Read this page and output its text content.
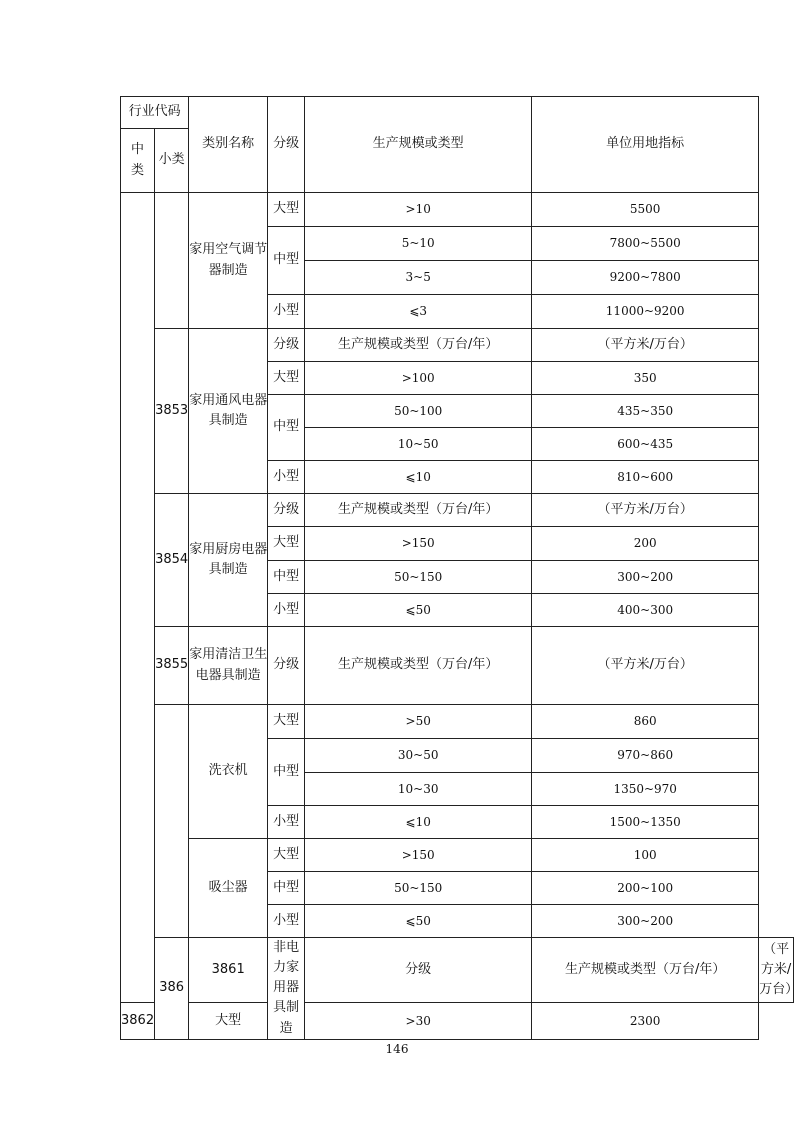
行业代码		类别名称	分级	生产规模或类型	单位用地指标	
中类	小类					
		家用空气调节器制造	大型	>10	5500	
			中型	5~10	7800~5500	
				3~5	9200~7800	
			小型	⩽3	11000~9200	
	3853	家用通风电器具制造	分级	生产规模或类型（万台/年）	（平方米/万台）	
			大型	>100	350	
			中型	50~100	435~350	
				10~50	600~435	
			小型	⩽10	810~600	
	3854	家用厨房电器具制造	分级	生产规模或类型（万台/年）	（平方米/万台）	
			大型	>150	200	
			中型	50~150	300~200	
			小型	⩽50	400~300	
	3855	家用清洁卫生电器具制造	分级	生产规模或类型（万台/年）	（平方米/万台）	
		洗衣机	大型	>50	860	
			中型	30~50	970~860	
				10~30	1350~970	
			小型	⩽10	1500~1350	
		吸尘器	大型	>150	100	
			中型	50~150	200~100	
			小型	⩽50	300~200	
	386	3861	非电力家用器具制造	分级	生产规模或类型（万台/年）	（平方米/万台）
3862		大型		>30	2300	
146
